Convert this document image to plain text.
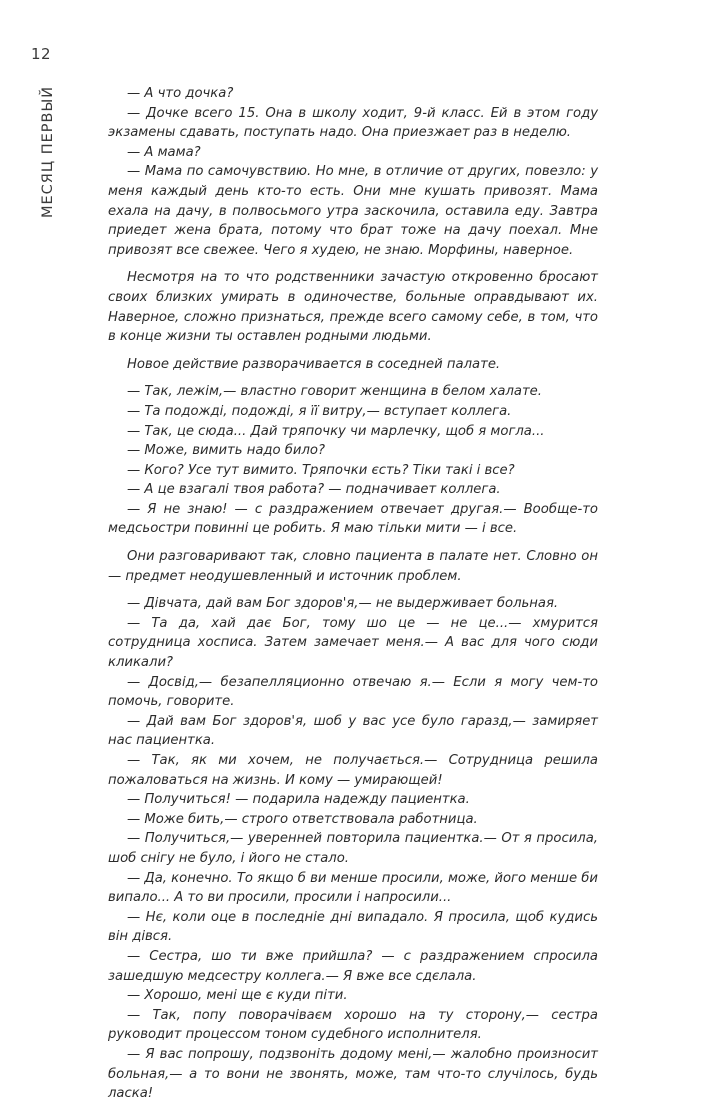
12
МЕСЯЦ ПЕРВЫЙ	— А что дочка?

— Дочке всего 15. Она в школу ходит, 9-й класс. Ей в этом году экзамены сдавать, поступать надо. Она приезжает раз в неделю.

— А мама?

— Мама по самочувствию. Но мне, в отличие от других, повезло: у меня каждый день кто-то есть. Они мне кушать привозят. Мама ехала на дачу, в полвосьмого утра заскочила, оставила еду. Завтра приедет жена брата, потому что брат тоже на дачу поехал. Мне привозят все свежее. Чего я худею, не знаю. Морфины, наверное.

Несмотря на то что родственники зачастую откровенно бросают своих близких умирать в одиночестве, больные оправдывают их. Наверное, сложно признаться, прежде всего самому себе, в том, что в конце жизни ты оставлен родными людьми.

Новое действие разворачивается в соседней палате.

— Так, лежім,— властно говорит женщина в белом халате.

— Та подожді, подожді, я її витру,— вступает коллега.

— Так, це сюда... Дай тряпочку чи марлечку, щоб я могла...

— Може, вимить надо било?

— Кого? Усе тут вимито. Тряпочки єсть? Тіки такі і все?

— А це взагалі твоя работа? — подначивает коллега.

— Я не знаю! — с раздражением отвечает другая.— Вообще-то медсьостри повинні це робить. Я маю тільки мити — і все.

Они разговаривают так, словно пациента в палате нет. Словно он — предмет неодушевленный и источник проблем.

— Дівчата, дай вам Бог здоров'я,— не выдерживает больная.

— Та да, хай дає Бог, тому шо це — не це...— хмурится сотрудница хосписа. Затем замечает меня.— А вас для чого сюди кликали?

— Досвід,— безапелляционно отвечаю я.— Если я могу чем-то помочь, говорите.

— Дай вам Бог здоров'я, шоб у вас усе було гаразд,— замиряет нас пациентка.

— Так, як ми хочем, не получається.— Сотрудница решила пожаловаться на жизнь. И кому — умирающей!

— Получиться! — подарила надежду пациентка.

— Може бить,— строго ответствовала работница.

— Получиться,— уверенней повторила пациентка.— От я просила, шоб снігу не було, і його не стало.

— Да, конечно. То якщо б ви менше просили, може, його менше би випало... А то ви просили, просили і напросили...

— Нє, коли оце в последніе дні випадало. Я просила, щоб кудись він дівся.

— Сестра, шо ти вже прийшла? — с раздражением спросила зашедшую медсестру коллега.— Я вже все сдєлала.

— Хорошо, мені ще є куди піти.

— Так, попу поворачіваєм хорошо на ту сторону,— сестра руководит процессом тоном судебного исполнителя.

— Я вас попрошу, подзвоніть додому мені,— жалобно произносит больная,— а то вони не звонять, може, там что-то случілось, будь ласка!
